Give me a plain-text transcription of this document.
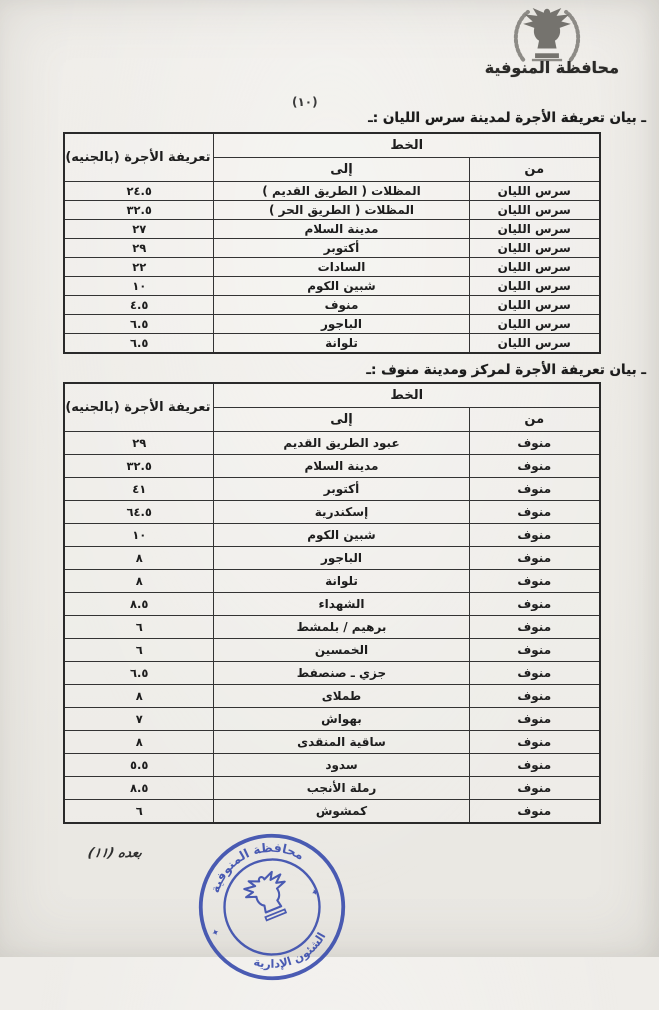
محافظة المنوفية
(١٠)
ـ بيان تعريفة الأجرة لمدينة سرس الليان :ـ
الخط		تعريفة الأجرة (بالجنيه)
من	إلى	
سرس الليان	المظلات ( الطريق القديم )	٢٤.٥
سرس الليان	المظلات ( الطريق الحر )	٣٢.٥
سرس الليان	مدينة السلام	٢٧
سرس الليان	أكتوبر	٢٩
سرس الليان	السادات	٢٢
سرس الليان	شبين الكوم	١٠
سرس الليان	منوف	٤.٥
سرس الليان	الباجور	٦.٥
سرس الليان	تلوانة	٦.٥
ـ بيان تعريفة الأجرة لمركز ومدينة منوف :ـ
الخط		تعريفة الأجرة (بالجنيه)
من	إلى	
منوف	عبود الطريق القديم	٢٩
منوف	مدينة السلام	٣٢.٥
منوف	أكتوبر	٤١
منوف	إسكندرية	٦٤.٥
منوف	شبين الكوم	١٠
منوف	الباجور	٨
منوف	تلوانة	٨
منوف	الشهداء	٨.٥
منوف	برهيم / بلمشط	٦
منوف	الخمسين	٦
منوف	جزي ـ صنصفط	٦.٥
منوف	طملاى	٨
منوف	بهواش	٧
منوف	ساقية المنقدى	٨
منوف	سدود	٥.٥
منوف	رملة الأنجب	٨.٥
منوف	كمشوش	٦
بعده (١١)
محافظة المنوفية
الشئون الإدارية
✦
✦
